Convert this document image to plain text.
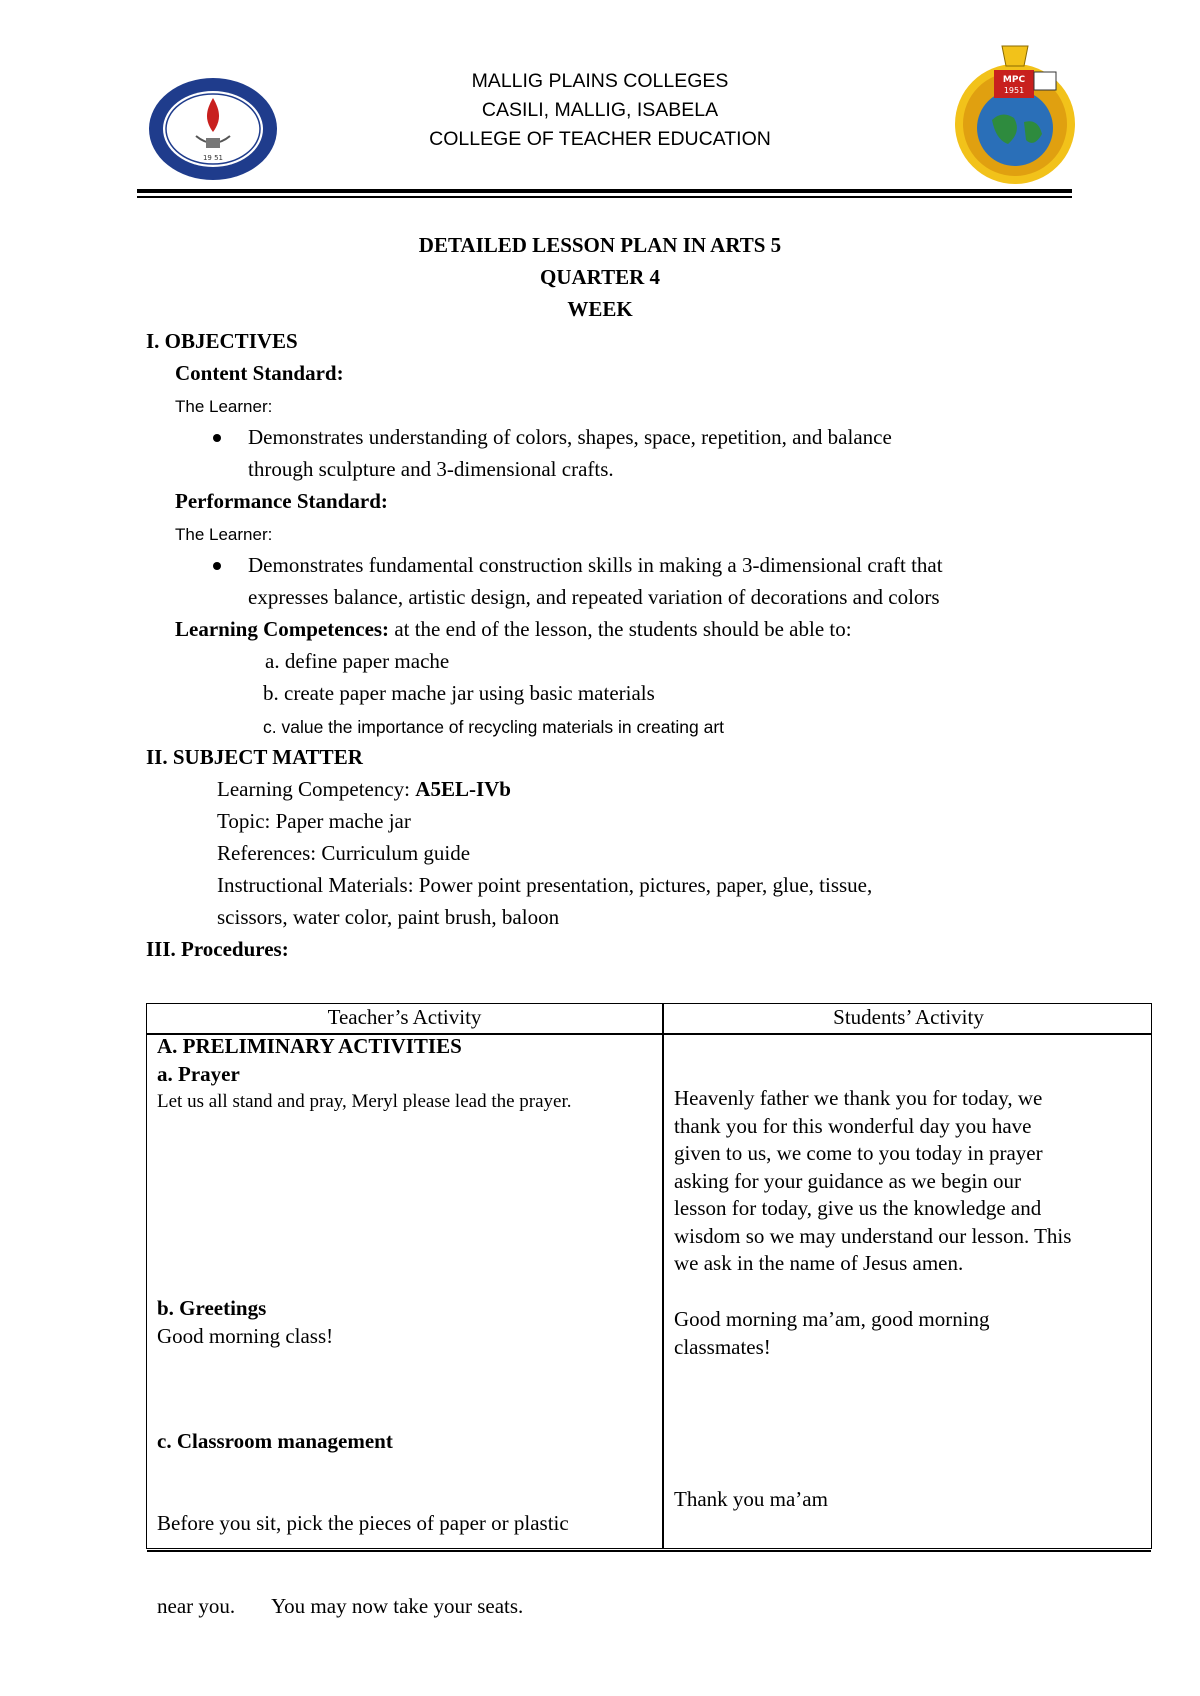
19 51
MALLIG PLAINS COLLEGES
CASILI, MALLIG, ISABELA
COLLEGE OF TEACHER EDUCATION
MPC
1951
DETAILED LESSON PLAN IN ARTS 5
QUARTER 4
WEEK
I. OBJECTIVES
Content Standard:
The Learner:
Demonstrates understanding of colors, shapes, space, repetition, and balance
through sculpture and 3-dimensional crafts.
Performance Standard:
The Learner:
Demonstrates fundamental construction skills in making a 3-dimensional craft that
expresses balance, artistic design, and repeated variation of decorations and colors
Learning Competences: at the end of the lesson, the students should be able to:
a. define paper mache
b. create paper mache jar using basic materials
c. value the importance of recycling materials in creating art
II. SUBJECT MATTER
Learning Competency: A5EL-IVb
Topic: Paper mache jar
References: Curriculum guide
Instructional Materials: Power point presentation, pictures, paper, glue, tissue,
scissors, water color, paint brush, baloon
III. Procedures:
Teacher’s Activity	Students’ Activity
A. PRELIMINARY ACTIVITIES
a. Prayer
Let us all stand and pray, Meryl please lead the prayer.	Heavenly father we thank you for today, we
thank you for this wonderful day you have
given to us, we come to you today in prayer
asking for your guidance as we begin our
lesson for today, give us the knowledge and
wisdom so we may understand our lesson. This
we ask in the name of Jesus amen.
b. Greetings
Good morning class!
Good morning ma’am, good morning
classmates!
c. Classroom management

Before you sit, pick the pieces of paper or plastic

near you.       You may now take your seats.

Thank you ma’am
